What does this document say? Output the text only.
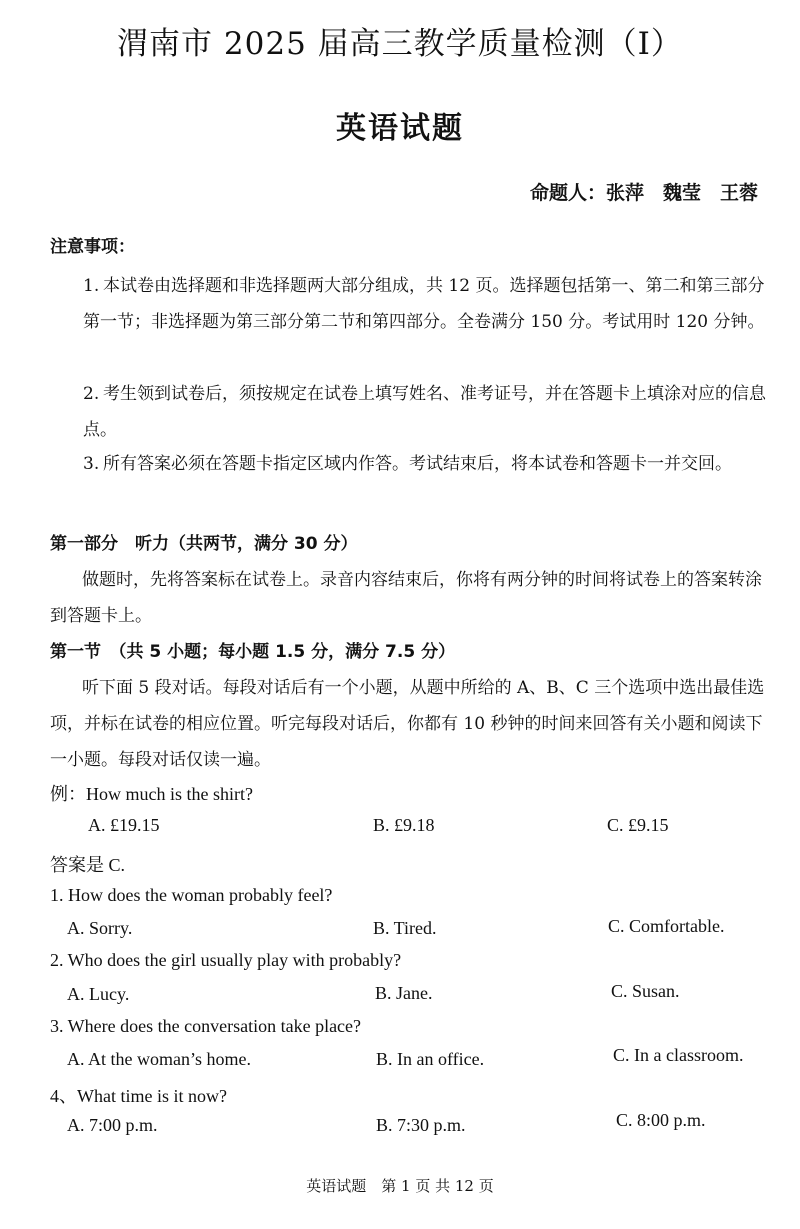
渭南市 2025 届高三教学质量检测（Ⅰ）
英语试题
命题人：张萍　魏莹　王蓉
注意事项：
1. 本试卷由选择题和非选择题两大部分组成，共 12 页。选择题包括第一、第二和第三部分第一节；非选择题为第三部分第二节和第四部分。全卷满分 150 分。考试用时 120 分钟。
2. 考生领到试卷后，须按规定在试卷上填写姓名、准考证号，并在答题卡上填涂对应的信息点。
3. 所有答案必须在答题卡指定区域内作答。考试结束后，将本试卷和答题卡一并交回。
第一部分　听力（共两节，满分 30 分）
做题时，先将答案标在试卷上。录音内容结束后，你将有两分钟的时间将试卷上的答案转涂到答题卡上。
第一节　（共 5 小题；每小题 1.5 分，满分 7.5 分）
听下面 5 段对话。每段对话后有一个小题，从题中所给的 A、B、C 三个选项中选出最佳选项，并标在试卷的相应位置。听完每段对话后，你都有 10 秒钟的时间来回答有关小题和阅读下一小题。每段对话仅读一遍。
例：How much is the shirt?
A. £19.15	B. £9.18	C. £9.15
答案是 C.
1. How does the woman probably feel?
A. Sorry.	B. Tired.	C. Comfortable.
2. Who does the girl usually play with probably?
A. Lucy.	B. Jane.	C. Susan.
3. Where does the conversation take place?
A. At the woman’s home.	B. In an office.	C. In a classroom.
4、What time is it now?
A. 7:00 p.m.	B. 7:30 p.m.	C. 8:00 p.m.
英语试题　第 1 页 共 12 页
